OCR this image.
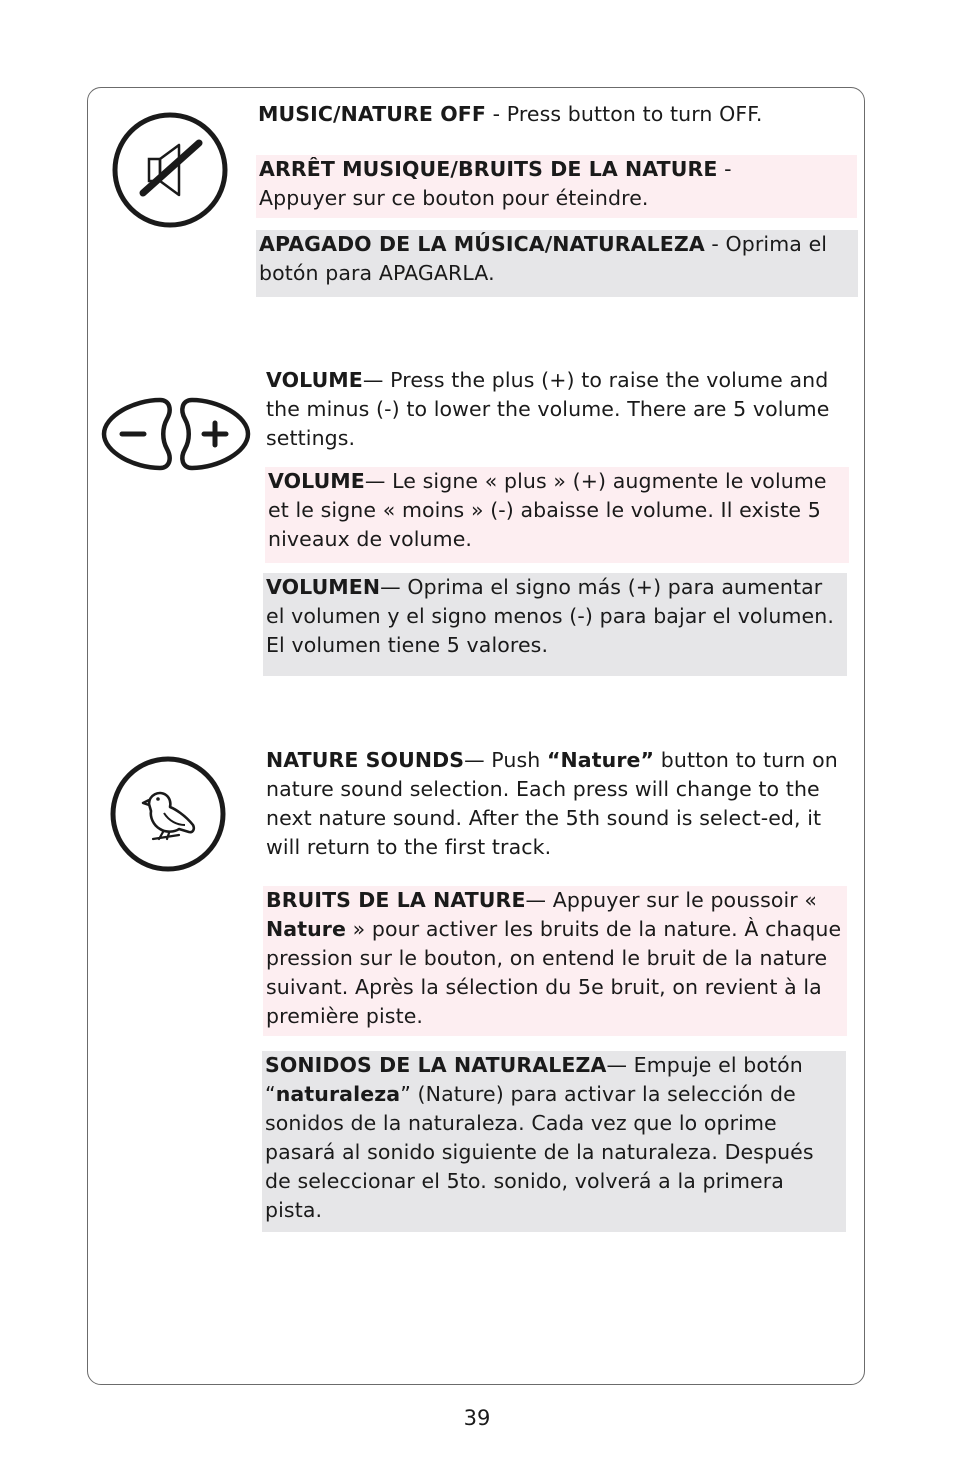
MUSIC/NATURE OFF - Press button to turn OFF.
ARRÊT MUSIQUE/BRUITS DE LA NATURE -
Appuyer sur ce bouton pour éteindre.
APAGADO DE LA MÚSICA/NATURALEZA - Oprima el botón para APAGARLA.
VOLUME— Press the plus (+) to raise the volume and the minus (-) to lower the volume. There are 5 volume settings.
VOLUME— Le signe « plus » (+) augmente le volume et le signe « moins » (-) abaisse le volume. Il existe 5 niveaux de volume.
VOLUMEN— Oprima el signo más (+) para aumentar el volumen y el signo menos (-) para bajar el volumen. El volumen tiene 5 valores.
NATURE SOUNDS— Push “Nature” button to turn on nature sound selection. Each press will change to the next nature sound. After the 5th sound is select-ed, it will return to the first track.
BRUITS DE LA NATURE— Appuyer sur le poussoir « Nature » pour activer les bruits de la nature. À chaque pression sur le bouton, on entend le bruit de la nature suivant. Après la sélection du 5e bruit, on revient à la première piste.
SONIDOS DE LA NATURALEZA— Empuje el botón “naturaleza” (Nature) para activar la selección de sonidos de la naturaleza. Cada vez que lo oprime pasará al sonido siguiente de la naturaleza. Después de seleccionar el 5to. sonido, volverá a la primera pista.
39
